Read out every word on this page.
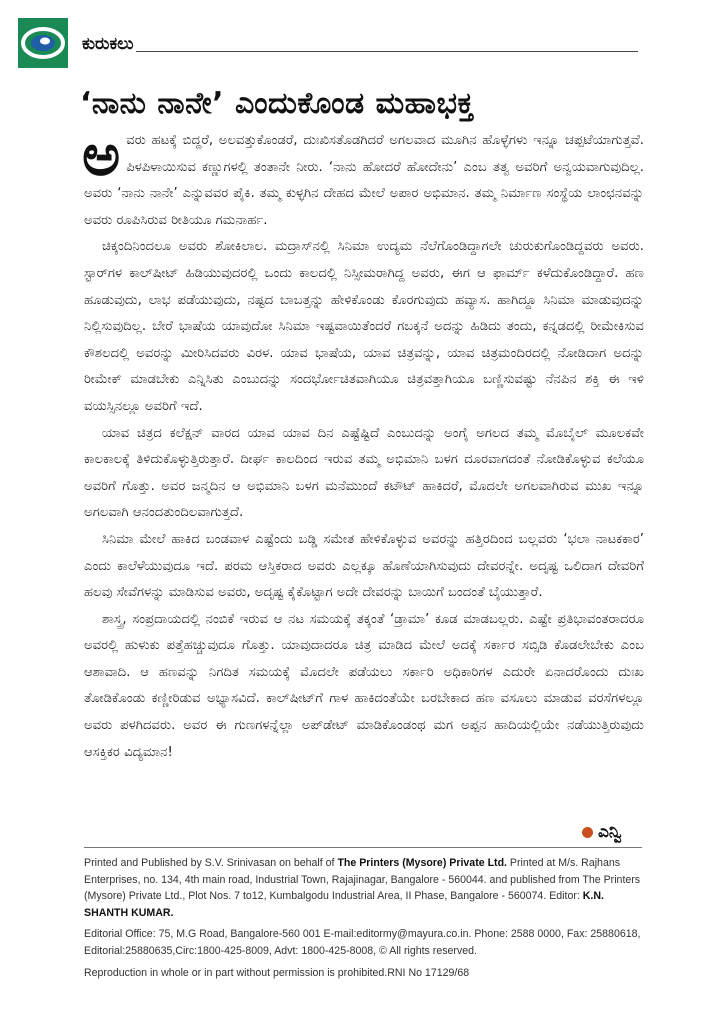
ಕುರುಕಲು
‘ನಾನು ನಾನೇ’ ಎಂದುಕೊಂಡ ಮಹಾಭಕ್ತ

ಅವರು ಹಟಕ್ಕೆ ಬಿದ್ದರೆ, ಅಲವತ್ತುಕೊಂಡರೆ, ದುಃಖಿಸತೊಡಗಿದರೆ ಅಗಲವಾದ ಮೂಗಿನ ಹೊಳ್ಳೆಗಳು ಇನ್ನೂ ಚಪ್ಪಟೆಯಾಗುತ್ತವೆ. ಪಿಳಪಿಳಾಯಿಸುವ ಕಣ್ಣುಗಳಲ್ಲಿ ತಂತಾನೇ ನೀರು. ‘ನಾನು ಹೋದರೆ ಹೋದೇನು’ ಎಂಬ ತತ್ವ ಅವರಿಗೆ ಅನ್ವಯವಾಗುವುದಿಲ್ಲ. ಅವರು ‘ನಾನು ನಾನೇ’ ಎನ್ನುವವರ ಪೈಕಿ. ತಮ್ಮ ಕುಳ್ಳಗಿನ ದೇಹದ ಮೇಲೆ ಅಪಾರ ಅಭಿಮಾನ. ತಮ್ಮ ನಿರ್ಮಾಣ ಸಂಸ್ಥೆಯ ಲಾಂಛನವನ್ನು ಅವರು ರೂಪಿಸಿರುವ ರೀತಿಯೂ ಗಮನಾರ್ಹ.

ಚಿಕ್ಕಂದಿನಿಂದಲೂ ಅವರು ಶೋಕಿಲಾಲ. ಮದ್ರಾಸ್‌ನಲ್ಲಿ ಸಿನಿಮಾ ಉದ್ಯಮ ನೆಲೆಗೊಂಡಿದ್ದಾಗಲೇ ಚುರುಕುಗೊಂಡಿದ್ದವರು ಅವರು. ಸ್ಟಾರ್‌ಗಳ ಕಾಲ್‌ಷೀಟ್ ಹಿಡಿಯುವುದರಲ್ಲಿ ಒಂದು ಕಾಲದಲ್ಲಿ ನಿಸ್ಸೀಮರಾಗಿದ್ದ ಅವರು, ಈಗ ಆ ಫಾರ್ಮ್ ಕಳೆದುಕೊಂಡಿದ್ದಾರೆ. ಹಣ ಹೂಡುವುದು, ಲಾಭ ಪಡೆಯುವುದು, ನಷ್ಟದ ಬಾಬತ್ತನ್ನು ಹೇಳಿಕೊಂಡು ಕೊರಗುವುದು ಹವ್ಯಾಸ. ಹಾಗಿದ್ದೂ ಸಿನಿಮಾ ಮಾಡುವುದನ್ನು ನಿಲ್ಲಿಸುವುದಿಲ್ಲ. ಬೇರೆ ಭಾಷೆಯ ಯಾವುದೋ ಸಿನಿಮಾ ಇಷ್ಟವಾಯಿತೆಂದರೆ ಗಬಕ್ಕನೆ ಅದನ್ನು ಹಿಡಿದು ತಂದು, ಕನ್ನಡದಲ್ಲಿ ರೀಮೇಕಿಸುವ ಕೌಶಲದಲ್ಲಿ ಅವರನ್ನು ಮೀರಿಸಿದವರು ವಿರಳ. ಯಾವ ಭಾಷೆಯ, ಯಾವ ಚಿತ್ರವನ್ನು, ಯಾವ ಚಿತ್ರಮಂದಿರದಲ್ಲಿ ನೋಡಿದಾಗ ಅದನ್ನು ರೀಮೇಕ್ ಮಾಡಬೇಕು ಎನ್ನಿಸಿತು ಎಂಬುದನ್ನು ಸಂದರ್ಭೋಚಿತವಾಗಿಯೂ ಚಿತ್ರವತ್ತಾಗಿಯೂ ಬಣ್ಣಿಸುವಷ್ಟು ನೆನಪಿನ ಶಕ್ತಿ ಈ ಇಳಿ ವಯಸ್ಸಿನಲ್ಲೂ ಅವರಿಗೆ ಇದೆ.

ಯಾವ ಚಿತ್ರದ ಕಲೆಕ್ಷನ್ ವಾರದ ಯಾವ ಯಾವ ದಿನ ಎಷ್ಟೆಷ್ಟಿದೆ ಎಂಬುದನ್ನು ಅಂಗೈ ಅಗಲದ ತಮ್ಮ ಮೊಬೈಲ್ ಮೂಲಕವೇ ಕಾಲಕಾಲಕ್ಕೆ ತಿಳಿದುಕೊಳ್ಳುತ್ತಿರುತ್ತಾರೆ. ದೀರ್ಘ ಕಾಲದಿಂದ ಇರುವ ತಮ್ಮ ಅಭಿಮಾನಿ ಬಳಗ ದೂರವಾಗದಂತೆ ನೋಡಿಕೊಳ್ಳುವ ಕಲೆಯೂ ಅವರಿಗೆ ಗೊತ್ತು. ಅವರ ಜನ್ಮದಿನ ಆ ಅಭಿಮಾನಿ ಬಳಗ ಮನೆಮುಂದೆ ಕಟೌಟ್ ಹಾಕಿದರೆ, ಮೊದಲೇ ಅಗಲವಾಗಿರುವ ಮುಖ ಇನ್ನೂ ಅಗಲವಾಗಿ ಆನಂದತುಂದಿಲವಾಗುತ್ತದೆ.

ಸಿನಿಮಾ ಮೇಲೆ ಹಾಕಿದ ಬಂಡವಾಳ ಎಷ್ಟೆಂದು ಬಡ್ಡಿ ಸಮೇತ ಹೇಳಿಕೊಳ್ಳುವ ಅವರನ್ನು ಹತ್ತಿರದಿಂದ ಬಲ್ಲವರು ‘ಭಲಾ ನಾಟಕಕಾರ’ ಎಂದು ಕಾಲೆಳೆಯುವುದೂ ಇದೆ. ಪರಮ ಆಸ್ತಿಕರಾದ ಅವರು ಎಲ್ಲಕ್ಕೂ ಹೊಣೆಯಾಗಿಸುವುದು ದೇವರನ್ನೇ. ಅದೃಷ್ಟ ಒಲಿದಾಗ ದೇವರಿಗೆ ಹಲವು ಸೇವೆಗಳನ್ನು ಮಾಡಿಸುವ ಅವರು, ಅದೃಷ್ಟ ಕೈಕೊಟ್ಟಾಗ ಅದೇ ದೇವರನ್ನು ಬಾಯಿಗೆ ಬಂದಂತೆ ಬೈಯುತ್ತಾರೆ.

ಶಾಸ್ತ್ರ, ಸಂಪ್ರದಾಯದಲ್ಲಿ ನಂಬಿಕೆ ಇರುವ ಆ ನಟ ಸಮಯಕ್ಕೆ ತಕ್ಕಂತೆ ‘ಡ್ರಾಮಾ’ ಕೂಡ ಮಾಡಬಲ್ಲರು. ಎಷ್ಟೇ ಪ್ರತಿಭಾವಂತರಾದರೂ ಅವರಲ್ಲಿ ಹುಳುಕು ಪತ್ತೆಹಚ್ಚುವುದೂ ಗೊತ್ತು. ಯಾವುದಾದರೂ ಚಿತ್ರ ಮಾಡಿದ ಮೇಲೆ ಅದಕ್ಕೆ ಸರ್ಕಾರ ಸಬ್ಸಿಡಿ ಕೊಡಲೇಬೇಕು ಎಂಬ ಆಶಾವಾದಿ. ಆ ಹಣವನ್ನು ನಿಗದಿತ ಸಮಯಕ್ಕೆ ಮೊದಲೇ ಪಡೆಯಲು ಸರ್ಕಾರಿ ಅಧಿಕಾರಿಗಳ ಎದುರೇ ಏನಾದರೊಂದು ದುಃಖ ತೋಡಿಕೊಂಡು ಕಣ್ಣೀರಿಡುವ ಅಭ್ಯಾಸವಿದೆ. ಕಾಲ್‌ಷೀಟ್‌ಗೆ ಗಾಳ ಹಾಕಿದಂತೆಯೇ ಬರಬೇಕಾದ ಹಣ ವಸೂಲು ಮಾಡುವ ವರಸೆಗಳಲ್ಲೂ ಅವರು ಪಳಗಿದವರು. ಅವರ ಈ ಗುಣಗಳನ್ನೆಲ್ಲಾ ಅಪ್‌ಡೇಟ್ ಮಾಡಿಕೊಂಡಂಥ ಮಗ ಅಪ್ಪನ ಹಾದಿಯಲ್ಲಿಯೇ ನಡೆಯುತ್ತಿರುವುದು ಆಸಕ್ತಿಕರ ವಿದ್ಯಮಾನ!

ಎನ್ವಿ

Printed and Published by S.V. Srinivasan on behalf of The Printers (Mysore) Private Ltd. Printed at M/s. Rajhans Enterprises, no. 134, 4th main road, Industrial Town, Rajajinagar, Bangalore - 560044. and published from The Printers (Mysore) Private Ltd., Plot Nos. 7 to12, Kumbalgodu Industrial Area, II Phase, Bangalore - 560074. Editor: K.N. SHANTH KUMAR.

Editorial Office: 75, M.G Road, Bangalore-560 001 E-mail:editormy@mayura.co.in. Phone: 2588 0000, Fax: 25880618, Editorial:25880635,Circ:1800-425-8009, Advt: 1800-425-8008, © All rights reserved.

Reproduction in whole or in part without permission is prohibited.RNI No 17129/68
